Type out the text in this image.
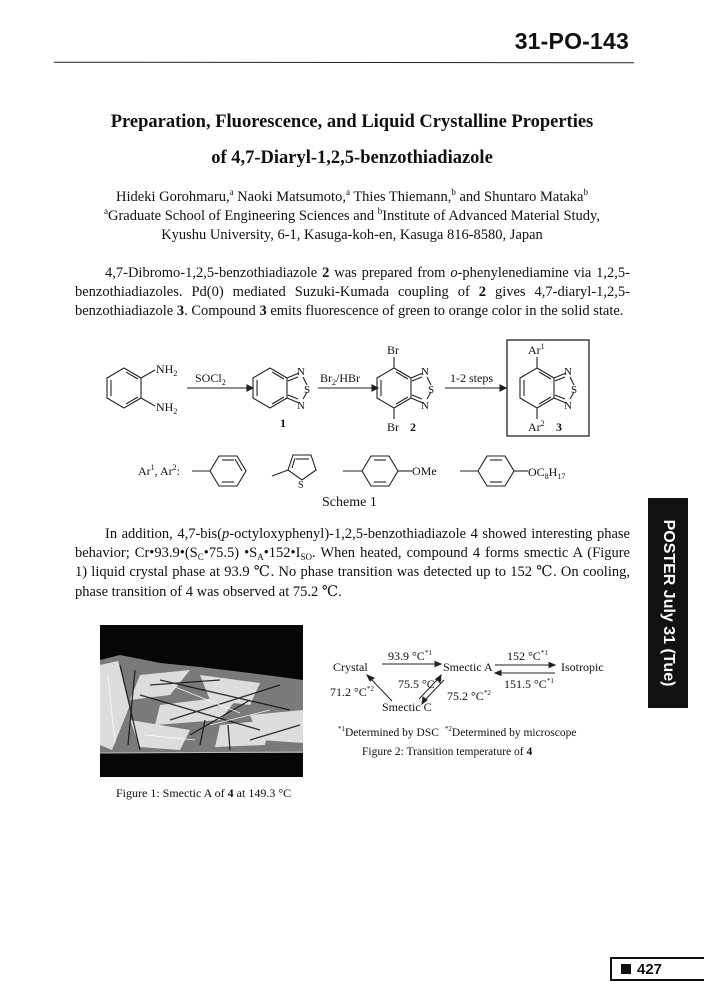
31-PO-143
Preparation, Fluorescence, and Liquid Crystalline Properties
of 4,7-Diaryl-1,2,5-benzothiadiazole
Hideki Gorohmaru,$^a$ Naoki Matsumoto,$^a$ Thies Thiemann,$^b$ and Shuntaro Mataka$^b$
$^a$Graduate School of Engineering Sciences and $^b$Institute of Advanced Material Study,
Kyushu University, 6-1, Kasuga-koh-en, Kasuga 816-8580, Japan
4,7-Dibromo-1,2,5-benzothiadiazole 2 was prepared from o-phenylenediamine via 1,2,5-benzothiadiazoles. Pd(0) mediated Suzuki-Kumada coupling of 2 gives 4,7-diaryl-1,2,5-benzothiadiazole 3. Compound 3 emits fluorescence of green to orange color in the solid state.
$NH_2$
$NH_2$
SOCl$_2$
N
S
N
1
$Br_2$/HBr
Br
Br
N
S
N
2
1-2 steps
Ar$^1$
N
S
N
Ar$^2$ 3
Ar$^1$, Ar$^2$:
S
OMe	$OC_8H_{17}$
Scheme 1
In addition, 4,7-bis(p-octyloxyphenyl)-1,2,5-benzothiadiazole 4 showed interesting phase behavior; $Cr•93.9•(S_C•75.5)$ $•S_A•152•I_{SO}$. When heated, compound 4 forms smectic A (Figure 1) liquid crystal phase at 93.9 ℃. No phase transition was detected up to 152 ℃. On cooling, phase transition of 4 was observed at 75.2 ℃.	POSTER July 31 (Tue)
Figure 1: Smectic A of 4 at 149.3 °C
Crystal	Smectic A	Isotropic
Smectic C
93.9 $^\circ C^{*1}$	152 $^\circ C^{*1}$
151.5 $^\circ C^{*1}$
75.5 $^\circ C^{*2}$
75.2 $^\circ C^{*2}$
71.2 $^\circ C^{*2}$
$^{*1}$Determined by DSC $^{*2}$Determined by microscope
Figure 2: Transition temperature of 4
427
